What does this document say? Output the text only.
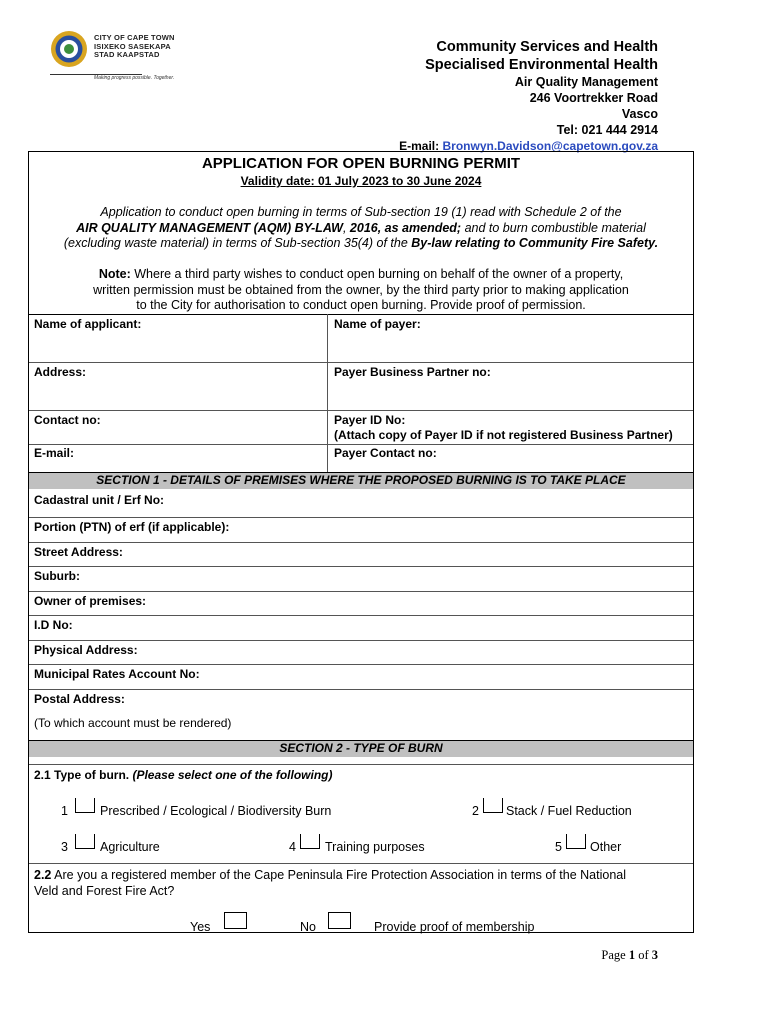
CITY OF CAPE TOWN
ISIXEKO SASEKAPA
STAD KAAPSTAD
Making progress possible. Together.
Community Services and Health
Specialised Environmental Health
Air Quality Management
246 Voortrekker Road
Vasco
Tel: 021 444 2914
E-mail: Bronwyn.Davidson@capetown.gov.za
APPLICATION FOR OPEN BURNING PERMIT
Validity date: 01 July 2023 to 30 June 2024
Application to conduct open burning in terms of Sub-section 19 (1) read with Schedule 2 of the
AIR QUALITY MANAGEMENT (AQM) BY-LAW, 2016, as amended; and to burn combustible material
(excluding waste material) in terms of Sub-section 35(4) of the By-law relating to Community Fire Safety.
Note: Where a third party wishes to conduct open burning on behalf of the owner of a property,
written permission must be obtained from the owner, by the third party prior to making application
to the City for authorisation to conduct open burning. Provide proof of permission.
Name of applicant:	Name of payer:
Address:	Payer Business Partner no:
Contact no:	Payer ID No:
(Attach copy of Payer ID if not registered Business Partner)
E-mail:	Payer Contact no:
SECTION 1 - DETAILS OF PREMISES WHERE THE PROPOSED BURNING IS TO TAKE PLACE
Cadastral unit / Erf No:
Portion (PTN) of erf (if applicable):
Street Address:
Suburb:
Owner of premises:
I.D No:
Physical Address:
Municipal Rates Account No:
Postal Address:
(To which account must be rendered)
SECTION 2 - TYPE OF BURN
2.1 Type of burn. (Please select one of the following)
1	Prescribed / Ecological / Biodiversity Burn	2 Stack / Fuel Reduction
3	Agriculture	4 Training purposes	5 Other
2.2 Are you a registered member of the Cape Peninsula Fire Protection Association in terms of the National
Veld and Forest Fire Act?
Yes	No	Provide proof of membership
Page 1 of 3
